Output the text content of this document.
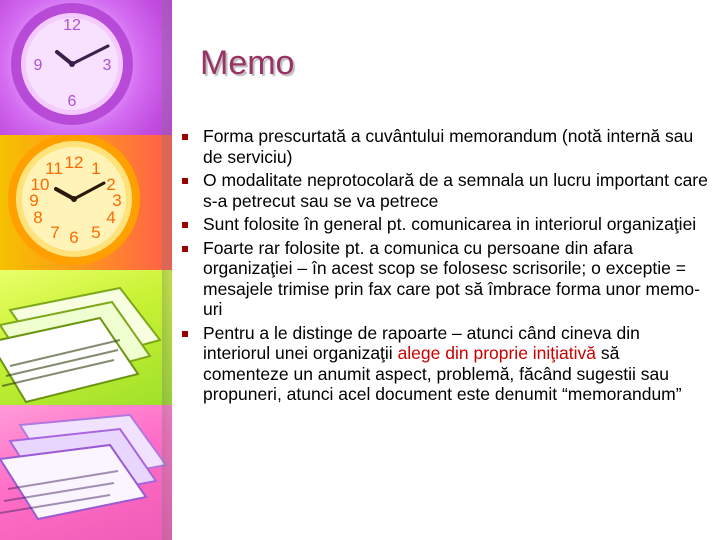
12
3
6
9
12 1
2
3
4
5
6
7
8
9
10
11
Memo
Forma prescurtată a cuvântului memorandum (notă internă sau de serviciu)
O modalitate neprotocolară de a semnala un lucru important care s-a petrecut sau se va petrece
Sunt folosite în general pt. comunicarea in interiorul organizaţiei
Foarte rar folosite pt. a comunica cu persoane din afara organizaţiei – în acest scop se folosesc scrisorile; o exceptie = mesajele trimise prin fax care pot să îmbrace forma unor memo-uri
Pentru a le distinge de rapoarte – atunci când cineva din interiorul unei organizaţii alege din proprie iniţiativă să comenteze un anumit aspect, problemă, făcând sugestii sau propuneri, atunci acel document este denumit “memorandum”
